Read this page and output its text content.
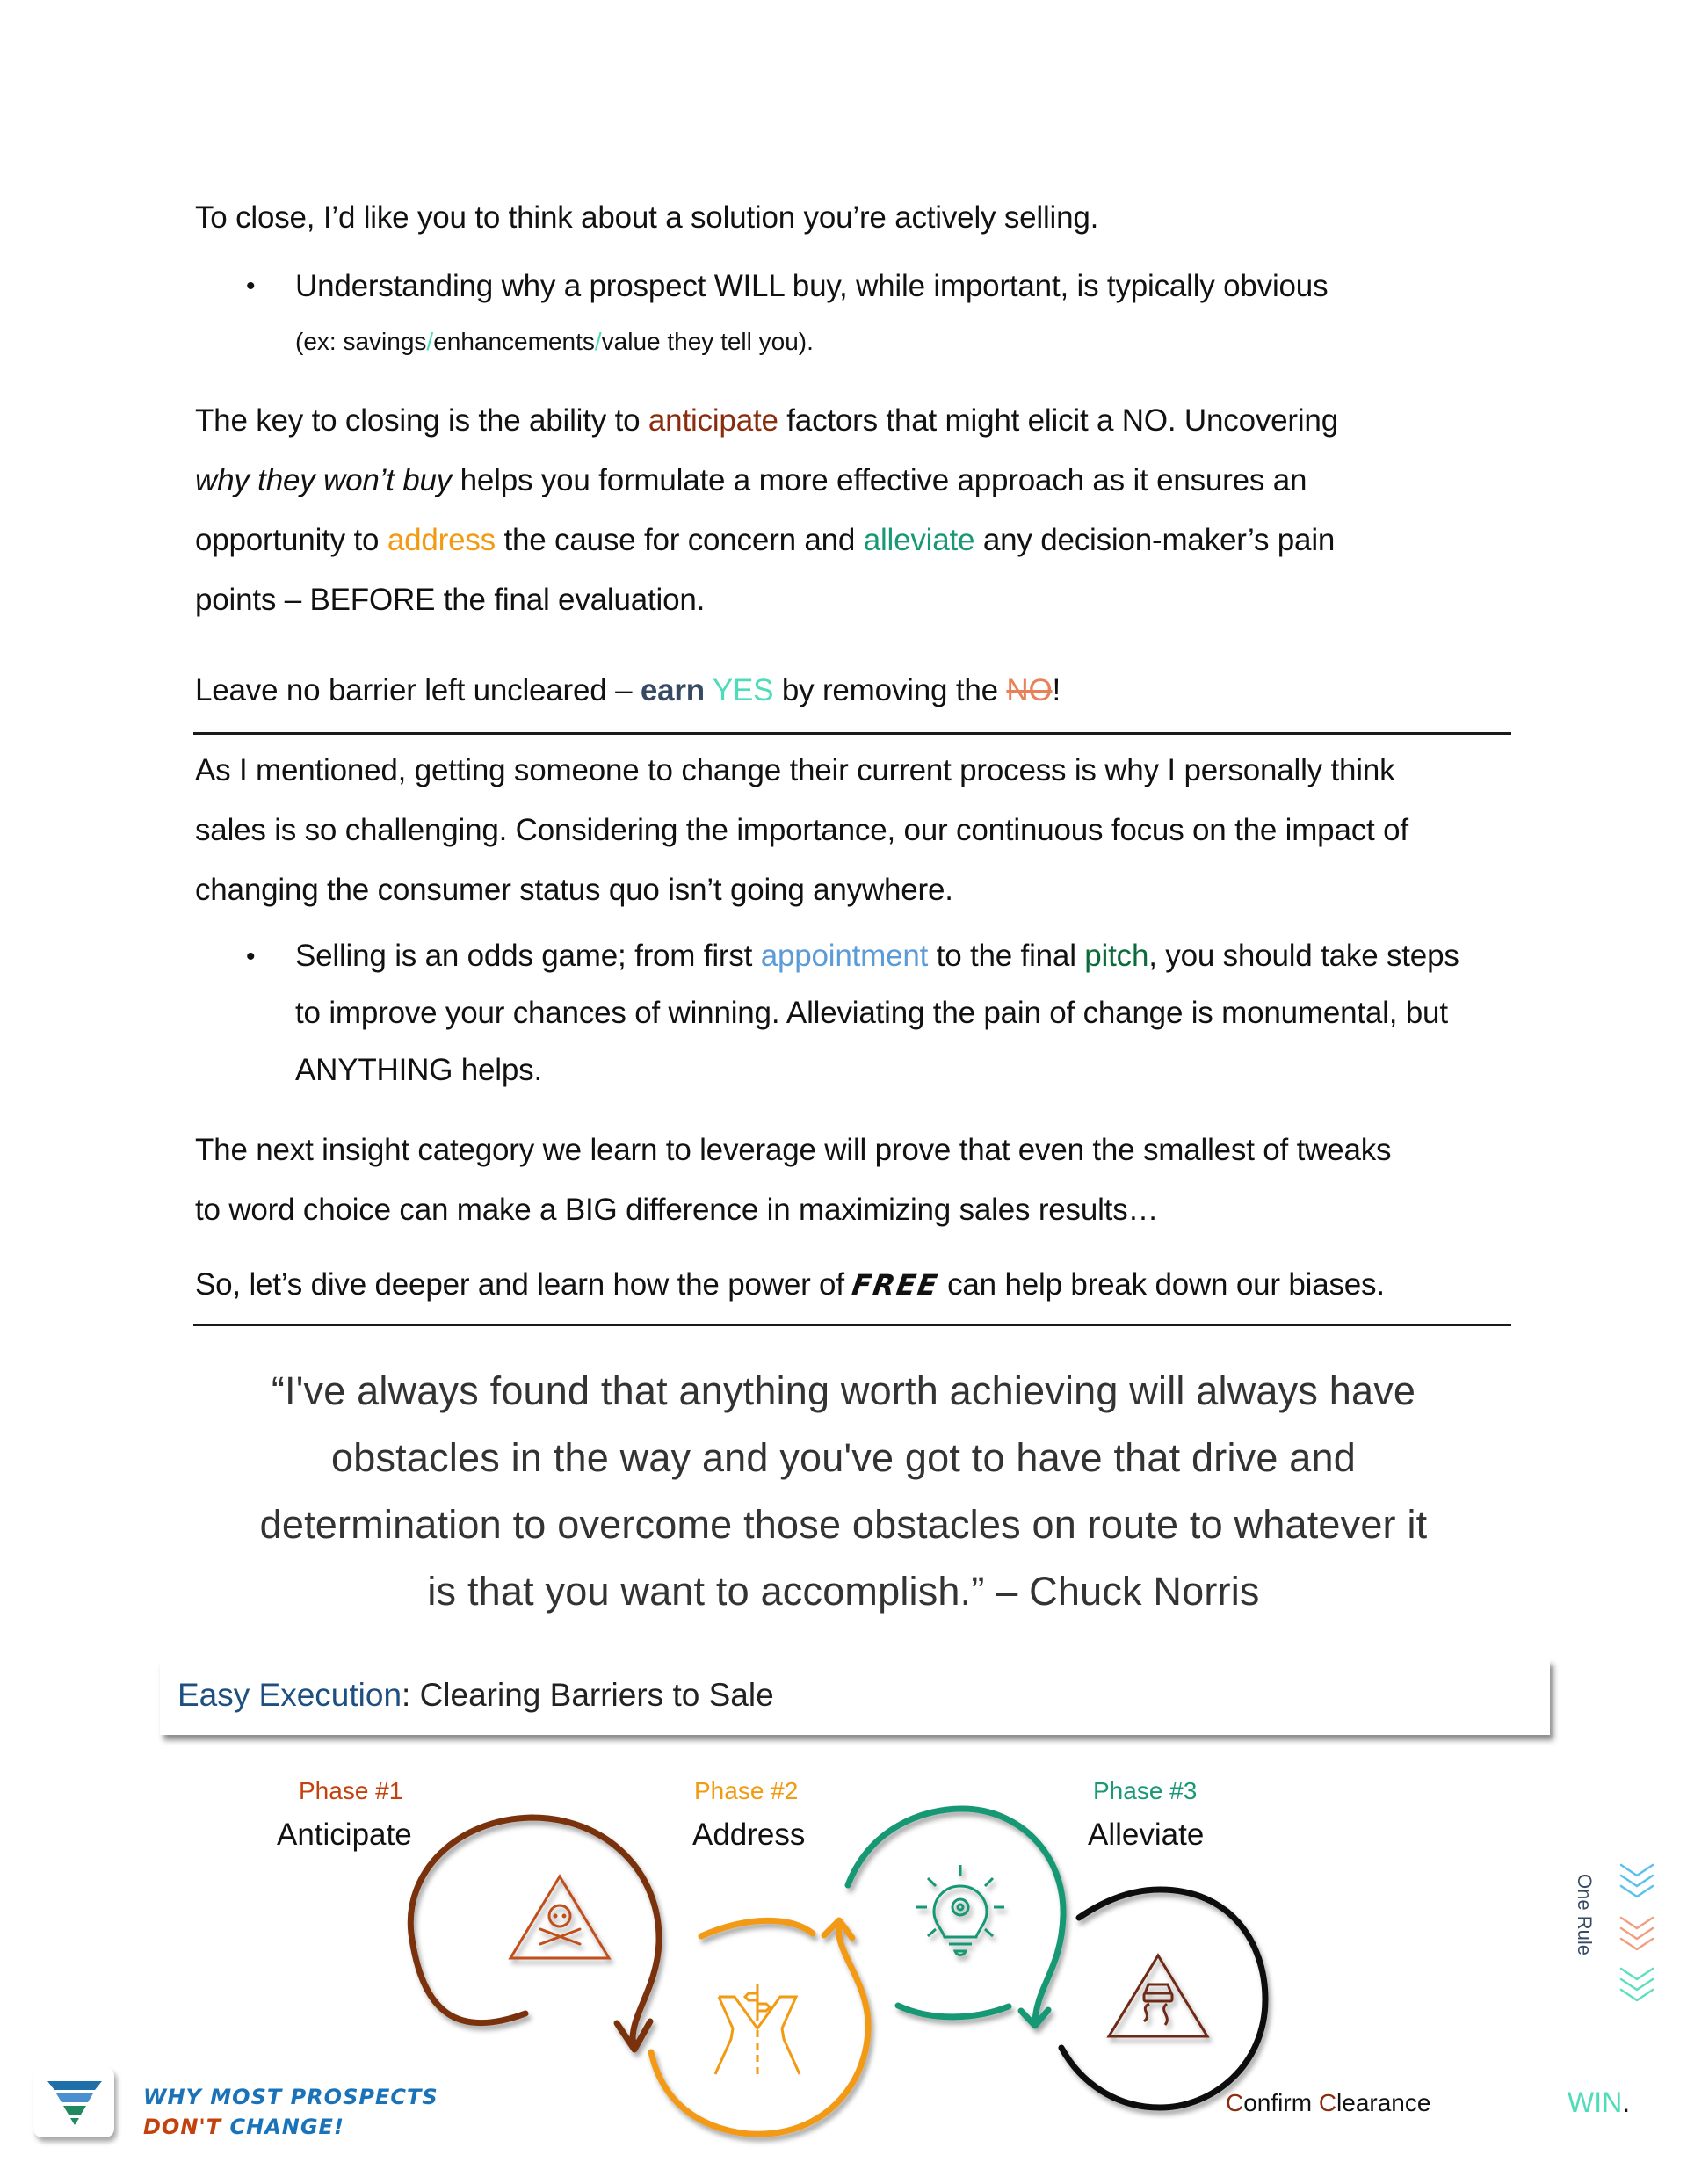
To close, I’d like you to think about a solution you’re actively selling.
• Understanding why a prospect WILL buy, while important, is typically obvious
(ex: savings/enhancements/value they tell you).
The key to closing is the ability to anticipate factors that might elicit a NO. Uncovering
why they won’t buy helps you formulate a more effective approach as it ensures an
opportunity to address the cause for concern and alleviate any decision-maker’s pain
points – BEFORE the final evaluation.
Leave no barrier left uncleared – earn YES by removing the NO!
As I mentioned, getting someone to change their current process is why I personally think
sales is so challenging. Considering the importance, our continuous focus on the impact of
changing the consumer status quo isn’t going anywhere.
• Selling is an odds game; from first appointment to the final pitch, you should take steps
to improve your chances of winning. Alleviating the pain of change is monumental, but
ANYTHING helps.
The next insight category we learn to leverage will prove that even the smallest of tweaks
to word choice can make a BIG difference in maximizing sales results…
So, let’s dive deeper and learn how the power of FREE can help break down our biases.
“I've always found that anything worth achieving will always have
obstacles in the way and you've got to have that drive and
determination to overcome those obstacles on route to whatever it
is that you want to accomplish.” – Chuck Norris
Easy Execution: Clearing Barriers to Sale
Phase #1
Anticipate
Phase #2
Address
Phase #3
Alleviate
One Rule
Confirm Clearance	WIN.
WHY MOST PROSPECTS
DON'T CHANGE!
